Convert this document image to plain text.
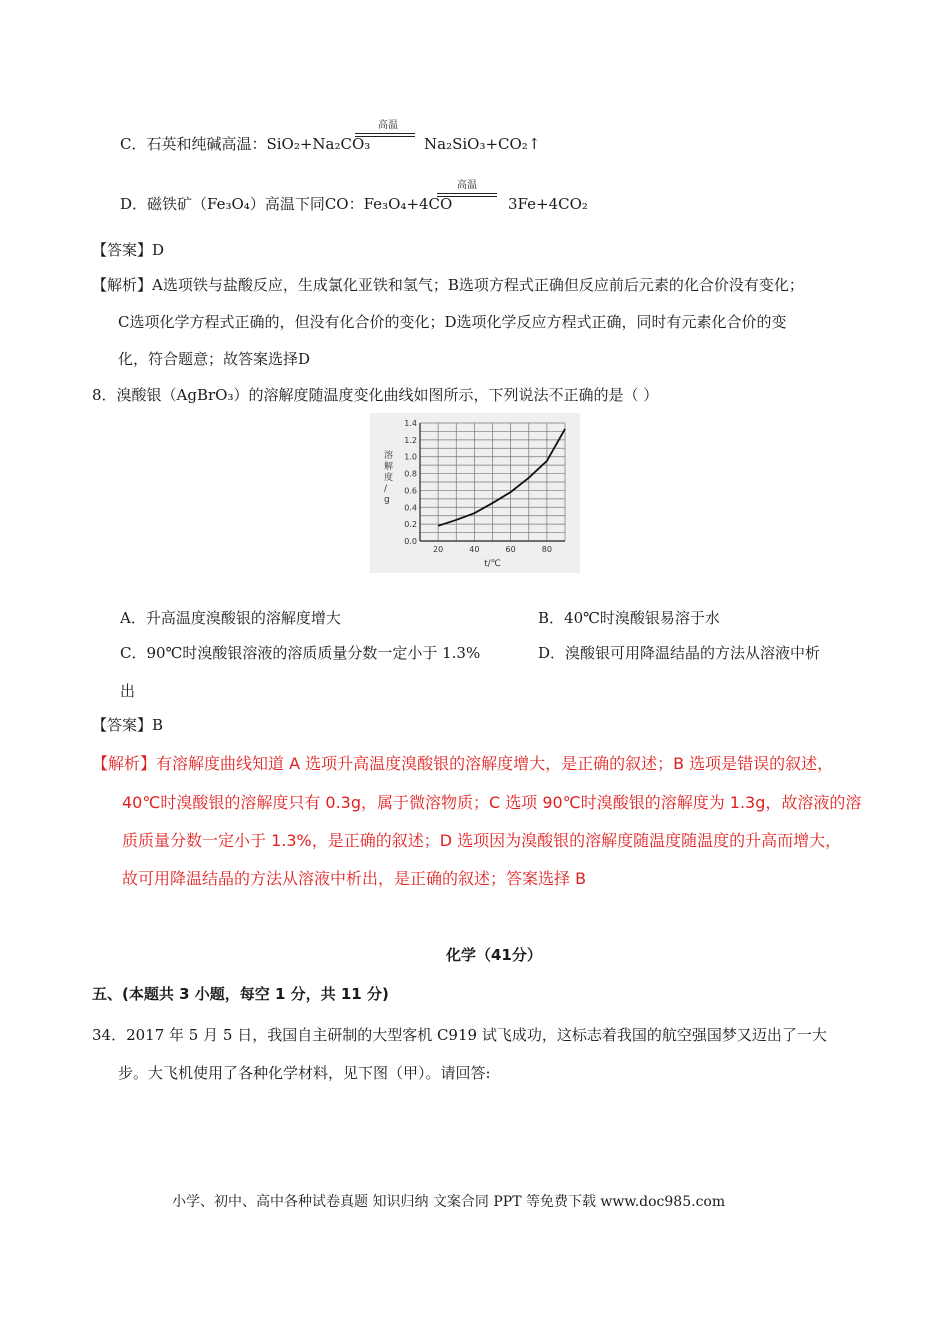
C．石英和纯碱高温：SiO₂+Na₂CO₃
高温
Na₂SiO₃+CO₂↑
D．磁铁矿（Fe₃O₄）高温下同CO：Fe₃O₄+4CO
高温
3Fe+4CO₂
【答案】D
【解析】A选项铁与盐酸反应，生成氯化亚铁和氢气；B选项方程式正确但反应前后元素的化合价没有变化；
C选项化学方程式正确的，但没有化合价的变化；D选项化学反应方程式正确，同时有元素化合价的变
化，符合题意；故答案选择D
8．溴酸银（AgBrO₃）的溶解度随温度变化曲线如图所示，下列说法不正确的是（ ）
0.0
0.2
0.4
0.6
0.8
1.0
1.2
1.4
20	40	60	80
溶解度/ g
t/℃
A．升高温度溴酸银的溶解度增大	B．40℃时溴酸银易溶于水
C．90℃时溴酸银溶液的溶质质量分数一定小于 1.3%	D．溴酸银可用降温结晶的方法从溶液中析
出
【答案】B
【解析】有溶解度曲线知道 A 选项升高温度溴酸银的溶解度增大，是正确的叙述；B 选项是错误的叙述，
40℃时溴酸银的溶解度只有 0.3g，属于微溶物质；C 选项 90℃时溴酸银的溶解度为 1.3g，故溶液的溶
质质量分数一定小于 1.3%，是正确的叙述；D 选项因为溴酸银的溶解度随温度随温度的升高而增大，
故可用降温结晶的方法从溶液中析出，是正确的叙述；答案选择 B
化学（41分）
五、(本题共 3 小题，每空 1 分，共 11 分)
34．2017 年 5 月 5 日，我国自主研制的大型客机 C919 试飞成功，这标志着我国的航空强国梦又迈出了一大
步。大飞机使用了各种化学材料，见下图（甲）。请回答:
小学、初中、高中各种试卷真题 知识归纳 文案合同 PPT 等免费下载 www.doc985.com
